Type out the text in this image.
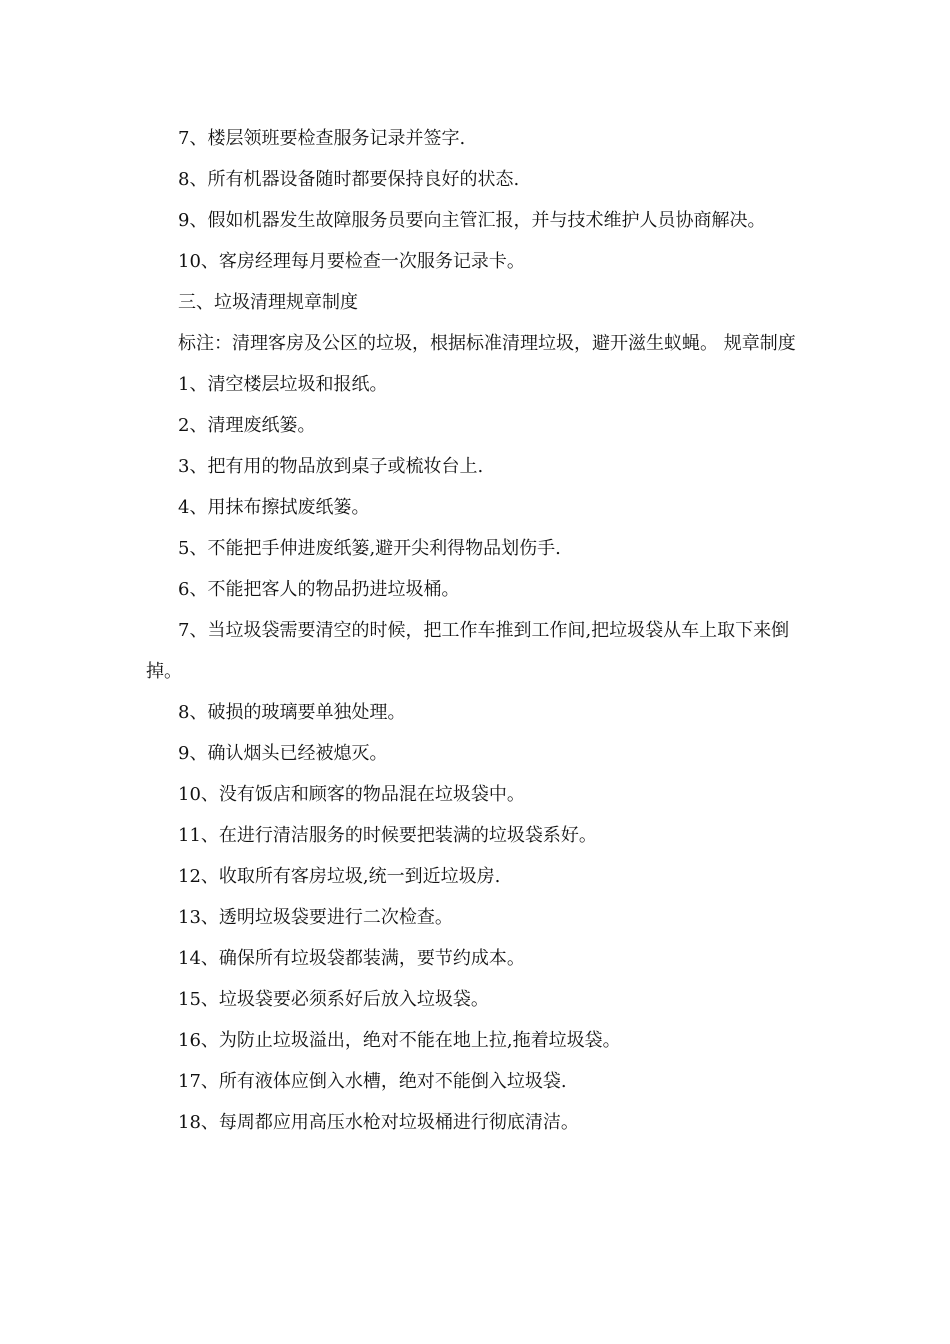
7、楼层领班要检查服务记录并签字.

8、所有机器设备随时都要保持良好的状态.

9、假如机器发生故障服务员要向主管汇报，并与技术维护人员协商解决。

10、客房经理每月要检查一次服务记录卡。

三、垃圾清理规章制度

标注：清理客房及公区的垃圾，根据标准清理垃圾，避开滋生蚁蝇。 规章制度

1、清空楼层垃圾和报纸。

2、清理废纸篓。

3、把有用的物品放到桌子或梳妆台上.

4、用抹布擦拭废纸篓。

5、不能把手伸进废纸篓,避开尖利得物品划伤手.

6、不能把客人的物品扔进垃圾桶。

7、当垃圾袋需要清空的时候，把工作车推到工作间,把垃圾袋从车上取下来倒掉。

8、破损的玻璃要单独处理。

9、确认烟头已经被熄灭。

10、没有饭店和顾客的物品混在垃圾袋中。

11、在进行清洁服务的时候要把装满的垃圾袋系好。

12、收取所有客房垃圾,统一到近垃圾房.

13、透明垃圾袋要进行二次检查。

14、确保所有垃圾袋都装满，要节约成本。

15、垃圾袋要必须系好后放入垃圾袋。

16、为防止垃圾溢出，绝对不能在地上拉,拖着垃圾袋。

17、所有液体应倒入水槽，绝对不能倒入垃圾袋.

18、每周都应用高压水枪对垃圾桶进行彻底清洁。
